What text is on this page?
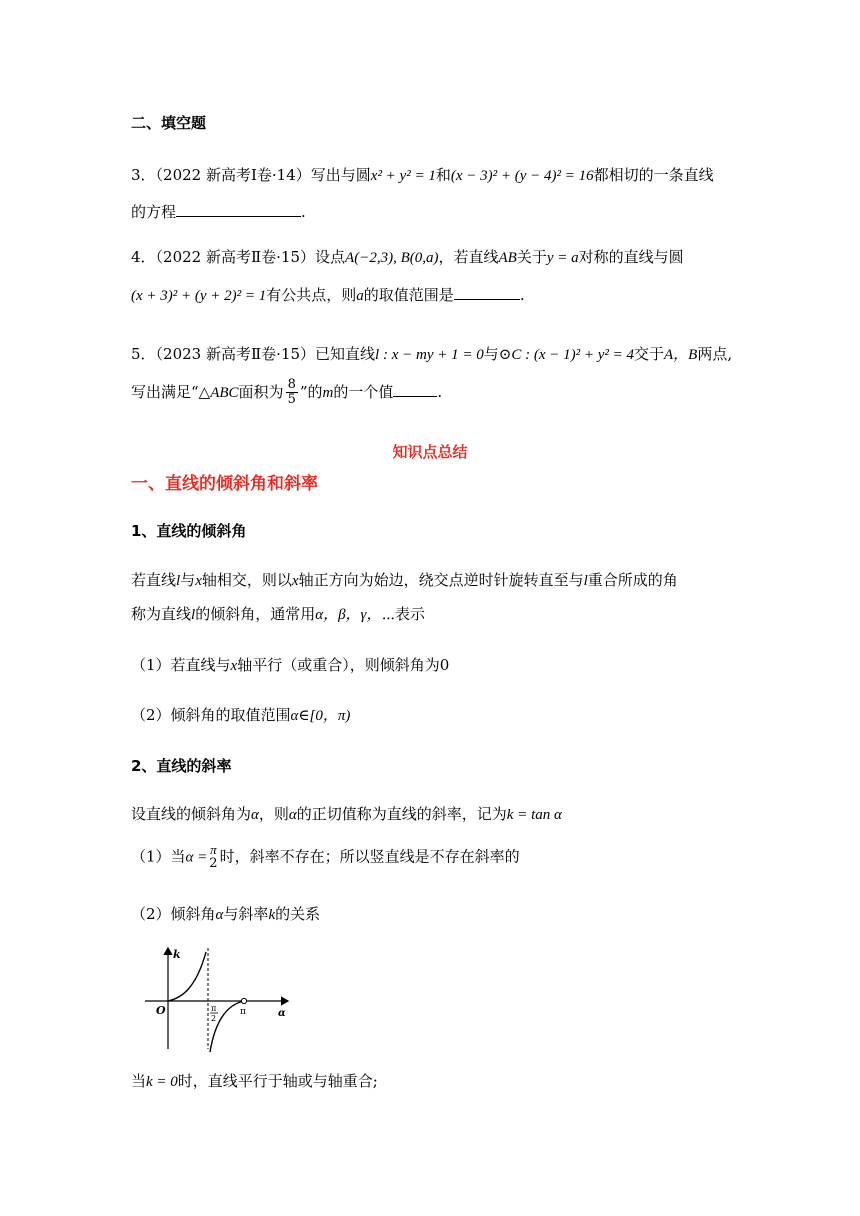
二、填空题
3．（2022 新高考Ⅰ卷·14）写出与圆x² + y² = 1和(x − 3)² + (y − 4)² = 16都相切的一条直线
的方程	.
4．（2022 新高考Ⅱ卷·15）设点A(−2,3), B(0,a)，若直线AB关于y = a对称的直线与圆
(x + 3)² + (y + 2)² = 1有公共点，则a的取值范围是	.
5．（2023 新高考Ⅱ卷·15）已知直线l : x − my + 1 = 0与⊙C : (x − 1)² + y² = 4交于A，B两点,
写出满足“△ABC面积为 $\frac{8}{5}$ ”的m的一个值	.
知识点总结
一、直线的倾斜角和斜率
1、直线的倾斜角
若直线l与x轴相交，则以x轴正方向为始边，绕交点逆时针旋转直至与l重合所成的角
称为直线l的倾斜角，通常用α，β，γ，⋯表示
（1）若直线与x轴平行（或重合），则倾斜角为0
（2）倾斜角的取值范围α∈[0，π)
2、直线的斜率
设直线的倾斜角为α，则α的正切值称为直线的斜率，记为k = tan α
（1）当α = π
2 时，斜率不存在；所以竖直线是不存在斜率的
（2）倾斜角α与斜率k的关系
k
O	π
π
2	α
当k = 0时，直线平行于轴或与轴重合;
